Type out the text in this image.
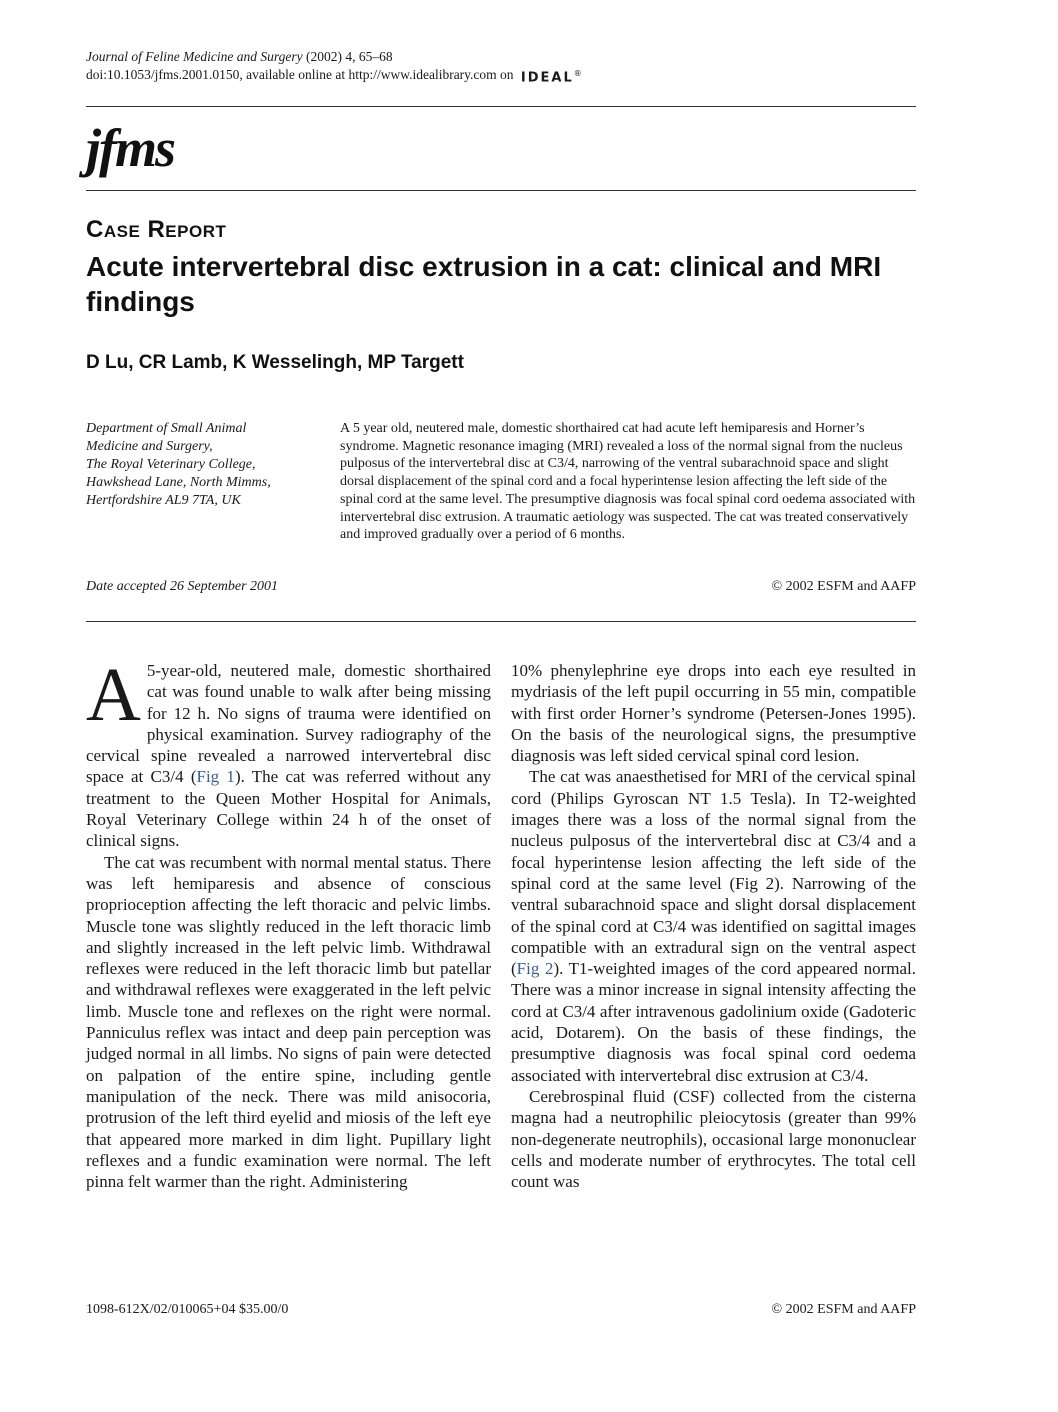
Journal of Feline Medicine and Surgery (2002) 4, 65–68
doi:10.1053/jfms.2001.0150, available online at http://www.idealibrary.com on IDEAL®
jfms
Case Report
Acute intervertebral disc extrusion in a cat: clinical and MRI findings
D Lu, CR Lamb, K Wesselingh, MP Targett
Department of Small Animal
Medicine and Surgery,
The Royal Veterinary College,
Hawkshead Lane, North Mimms,
Hertfordshire AL9 7TA, UK
Date accepted 26 September 2001
A 5 year old, neutered male, domestic shorthaired cat had acute left hemiparesis and Horner’s syndrome. Magnetic resonance imaging (MRI) revealed a loss of the normal signal from the nucleus pulposus of the intervertebral disc at C3/4, narrowing of the ventral subarachnoid space and slight dorsal displacement of the spinal cord and a focal hyperintense lesion affecting the left side of the spinal cord at the same level. The presumptive diagnosis was focal spinal cord oedema associated with intervertebral disc extrusion. A traumatic aetiology was suspected. The cat was treated conservatively and improved gradually over a period of 6 months.
© 2002 ESFM and AAFP

A 5-year-old, neutered male, domestic shorthaired cat was found unable to walk after being missing for 12 h. No signs of trauma were identified on physical examination. Survey radiography of the cervical spine revealed a narrowed intervertebral disc space at C3/4 (Fig 1). The cat was referred without any treatment to the Queen Mother Hospital for Animals, Royal Veterinary College within 24 h of the onset of clinical signs.

The cat was recumbent with normal mental status. There was left hemiparesis and absence of conscious proprioception affecting the left thoracic and pelvic limbs. Muscle tone was slightly reduced in the left thoracic limb and slightly increased in the left pelvic limb. Withdrawal reflexes were reduced in the left thoracic limb but patellar and withdrawal reflexes were exaggerated in the left pelvic limb. Muscle tone and reflexes on the right were normal. Panniculus reflex was intact and deep pain perception was judged normal in all limbs. No signs of pain were detected on palpation of the entire spine, including gentle manipulation of the neck. There was mild anisocoria, protrusion of the left third eyelid and miosis of the left eye that appeared more marked in dim light. Pupillary light reflexes and a fundic examination were normal. The left pinna felt warmer than the right. Administering

10% phenylephrine eye drops into each eye resulted in mydriasis of the left pupil occurring in 55 min, compatible with first order Horner’s syndrome (Petersen-Jones 1995). On the basis of the neurological signs, the presumptive diagnosis was left sided cervical spinal cord lesion.

The cat was anaesthetised for MRI of the cervical spinal cord (Philips Gyroscan NT 1.5 Tesla). In T2-weighted images there was a loss of the normal signal from the nucleus pulposus of the intervertebral disc at C3/4 and a focal hyperintense lesion affecting the left side of the spinal cord at the same level (Fig 2). Narrowing of the ventral subarachnoid space and slight dorsal displacement of the spinal cord at C3/4 was identified on sagittal images compatible with an extradural sign on the ventral aspect (Fig 2). T1-weighted images of the cord appeared normal. There was a minor increase in signal intensity affecting the cord at C3/4 after intravenous gadolinium oxide (Gadoteric acid, Dotarem). On the basis of these findings, the presumptive diagnosis was focal spinal cord oedema associated with intervertebral disc extrusion at C3/4.

Cerebrospinal fluid (CSF) collected from the cisterna magna had a neutrophilic pleiocytosis (greater than 99% non-degenerate neutrophils), occasional large mononuclear cells and moderate number of erythrocytes. The total cell count was

1098-612X/02/010065+04 $35.00/0	© 2002 ESFM and AAFP
